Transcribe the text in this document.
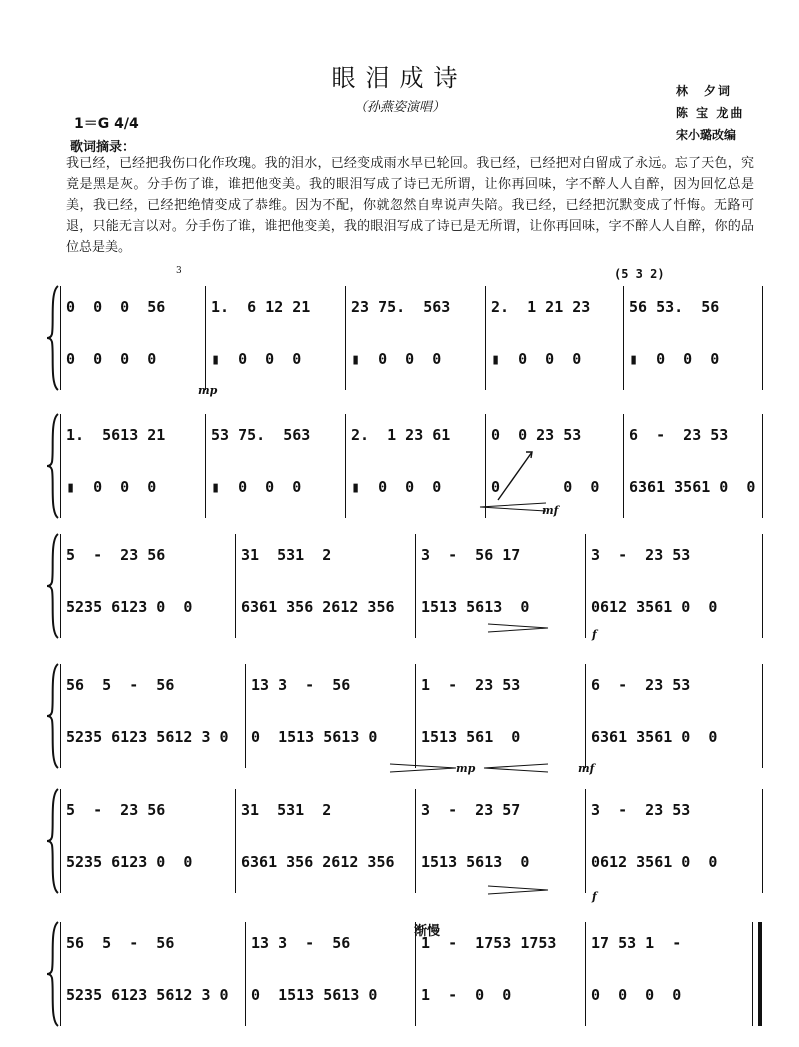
眼泪成诗
（孙燕姿演唱）
林　夕词
陈 宝 龙曲
宋小璐改编
1＝G 4/4
歌词摘录：
我已经，已经把我伤口化作玫瑰。我的泪水，已经变成雨水早已轮回。我已经，已经把对白留成了永远。忘了天色，究竟是黑是灰。分手伤了谁，谁把他变美。我的眼泪写成了诗已无所谓，让你再回味，字不醉人人自醉，因为回忆总是美，我已经，已经把绝情变成了恭维。因为不配，你就忽然自卑说声失陪。我已经，已经把沉默变成了忏悔。无路可退，只能无言以对。分手伤了谁，谁把他变美，我的眼泪写成了诗已是无所谓，让你再回味，字不醉人人自醉，你的品位总是美。
0  0  0  56	1.  6 12 21	23 75.  563	2.  1 21 23	56 53.  56
0  0  0  0	▮  0  0  0	▮  0  0  0	▮  0  0  0	▮  0  0  0
1.  5613 21	53 75.  563	2.  1 23 61	0  0 23 53	6  -  23 53
▮  0  0  0	▮  0  0  0	▮  0  0  0	0       0  0	6361 3561 0  0
5  -  23 56	31  531  2	3  -  56 17	3  -  23 53
5235 6123 0  0	6361 356 2612 356	1513 5613  0	0612 3561 0  0
56  5  -  56	13 3  -  56	1  -  23 53	6  -  23 53
5235 6123 5612 3 0	0  1513 5613 0	1513 561  0	6361 3561 0  0
5  -  23 56	31  531  2	3  -  23 57	3  -  23 53
5235 6123 0  0	6361 356 2612 356	1513 5613  0	0612 3561 0  0
56  5  -  56	13 3  -  56	1  -  1753 1753	17 53 1  -
5235 6123 5612 3 0	0  1513 5613 0	1  -  0  0	0  0  0  0
mp
mf
f
mp	mf
f
渐慢
(5 3 2)
3
